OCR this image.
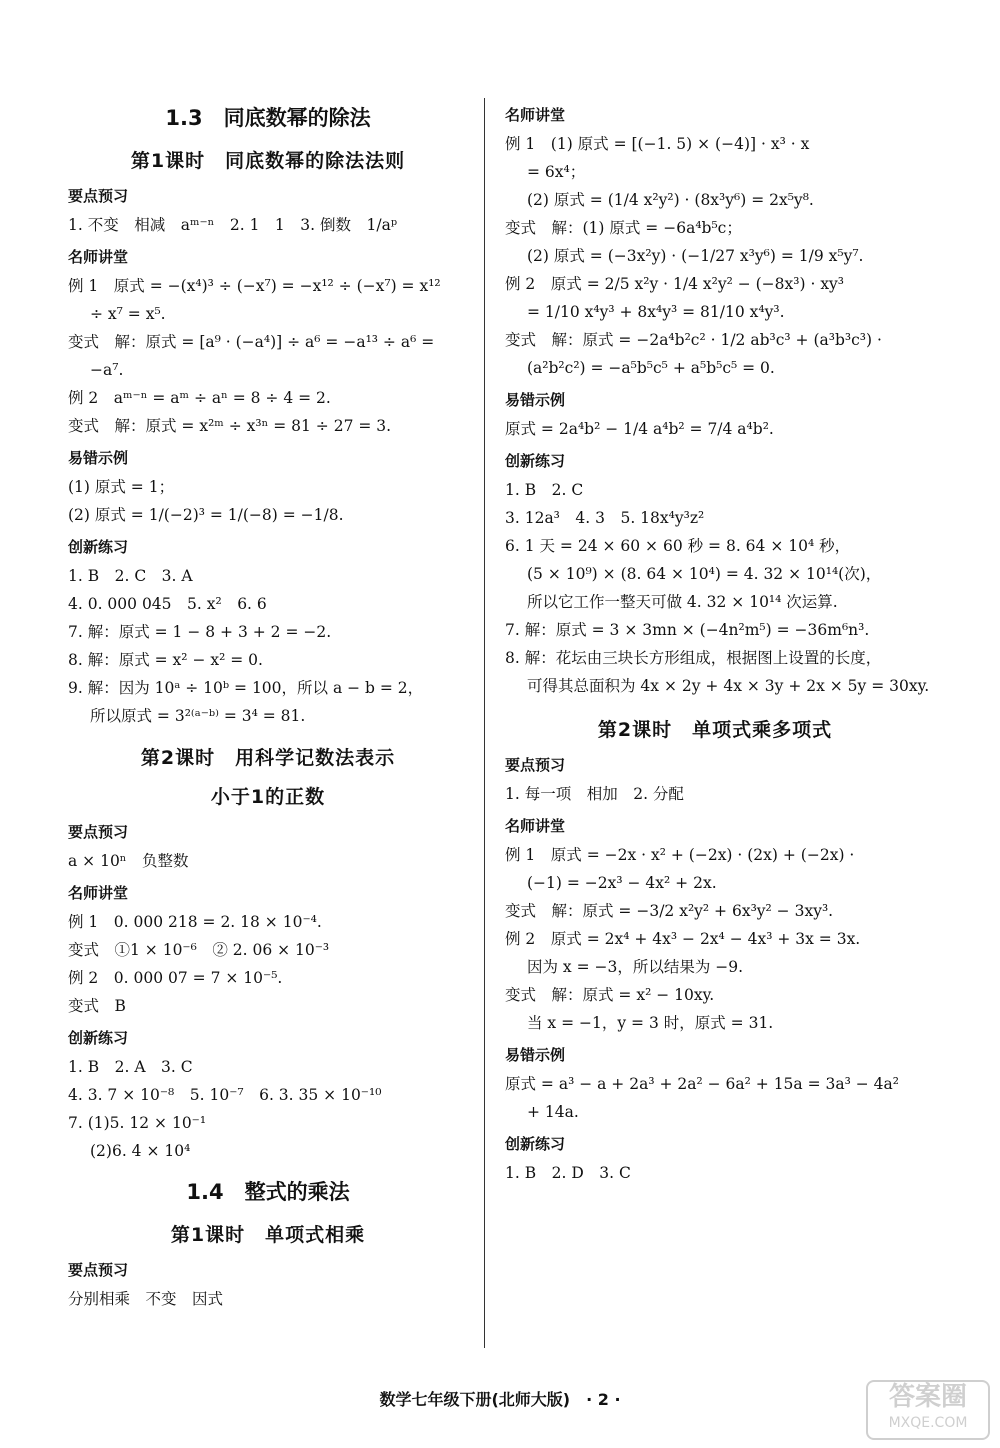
1.3　同底数幂的除法
第1课时　同底数幂的除法法则
要点预习
1. 不变　相减　aᵐ⁻ⁿ　2. 1　1　3. 倒数　1/aᵖ
名师讲堂
例 1　原式 = −(x⁴)³ ÷ (−x⁷) = −x¹² ÷ (−x⁷) = x¹²
÷ x⁷ = x⁵.
变式　解：原式 = [a⁹ · (−a⁴)] ÷ a⁶ = −a¹³ ÷ a⁶ =
−a⁷.
例 2　aᵐ⁻ⁿ = aᵐ ÷ aⁿ = 8 ÷ 4 = 2.
变式　解：原式 = x²ᵐ ÷ x³ⁿ = 81 ÷ 27 = 3.
易错示例
(1) 原式 = 1；
(2) 原式 = 1/(−2)³ = 1/(−8) = −1/8.
创新练习
1. B　2. C　3. A
4. 0. 000 045　5. x²　6. 6
7. 解：原式 = 1 − 8 + 3 + 2 = −2.
8. 解：原式 = x² − x² = 0.
9. 解：因为 10ᵃ ÷ 10ᵇ = 100，所以 a − b = 2，
所以原式 = 3²⁽ᵃ⁻ᵇ⁾ = 3⁴ = 81.
第2课时　用科学记数法表示
小于1的正数
要点预习
a × 10ⁿ　负整数
名师讲堂
例 1　0. 000 218 = 2. 18 × 10⁻⁴.
变式　①1 × 10⁻⁶　② 2. 06 × 10⁻³
例 2　0. 000 07 = 7 × 10⁻⁵.
变式　B
创新练习
1. B　2. A　3. C
4. 3. 7 × 10⁻⁸　5. 10⁻⁷　6. 3. 35 × 10⁻¹⁰
7. (1)5. 12 × 10⁻¹
(2)6. 4 × 10⁴
1.4　整式的乘法
第1课时　单项式相乘
要点预习
分别相乘　不变　因式
名师讲堂
例 1　(1) 原式 = [(−1. 5) × (−4)] · x³ · x
= 6x⁴；
(2) 原式 = (1/4 x²y²) · (8x³y⁶) = 2x⁵y⁸.
变式　解：(1) 原式 = −6a⁴b⁵c；
(2) 原式 = (−3x²y) · (−1/27 x³y⁶) = 1/9 x⁵y⁷.
例 2　原式 = 2/5 x²y · 1/4 x²y² − (−8x³) · xy³
= 1/10 x⁴y³ + 8x⁴y³ = 81/10 x⁴y³.
变式　解：原式 = −2a⁴b²c² · 1/2 ab³c³ + (a³b³c³) ·
(a²b²c²) = −a⁵b⁵c⁵ + a⁵b⁵c⁵ = 0.
易错示例
原式 = 2a⁴b² − 1/4 a⁴b² = 7/4 a⁴b².
创新练习
1. B　2. C
3. 12a³　4. 3　5. 18x⁴y³z²
6. 1 天 = 24 × 60 × 60 秒 = 8. 64 × 10⁴ 秒，
(5 × 10⁹) × (8. 64 × 10⁴) = 4. 32 × 10¹⁴(次)，
所以它工作一整天可做 4. 32 × 10¹⁴ 次运算.
7. 解：原式 = 3 × 3mn × (−4n²m⁵) = −36m⁶n³.
8. 解：花坛由三块长方形组成，根据图上设置的长度，
可得其总面积为 4x × 2y + 4x × 3y + 2x × 5y = 30xy.
第2课时　单项式乘多项式
要点预习
1. 每一项　相加　2. 分配
名师讲堂
例 1　原式 = −2x · x² + (−2x) · (2x) + (−2x) ·
(−1) = −2x³ − 4x² + 2x.
变式　解：原式 = −3/2 x²y² + 6x³y² − 3xy³.
例 2　原式 = 2x⁴ + 4x³ − 2x⁴ − 4x³ + 3x = 3x.
因为 x = −3，所以结果为 −9.
变式　解：原式 = x² − 10xy.
当 x = −1，y = 3 时，原式 = 31.
易错示例
原式 = a³ − a + 2a³ + 2a² − 6a² + 15a = 3a³ − 4a²
+ 14a.
创新练习
1. B　2. D　3. C
数学七年级下册(北师大版)　· 2 ·	答案圈
MXQE.COM
